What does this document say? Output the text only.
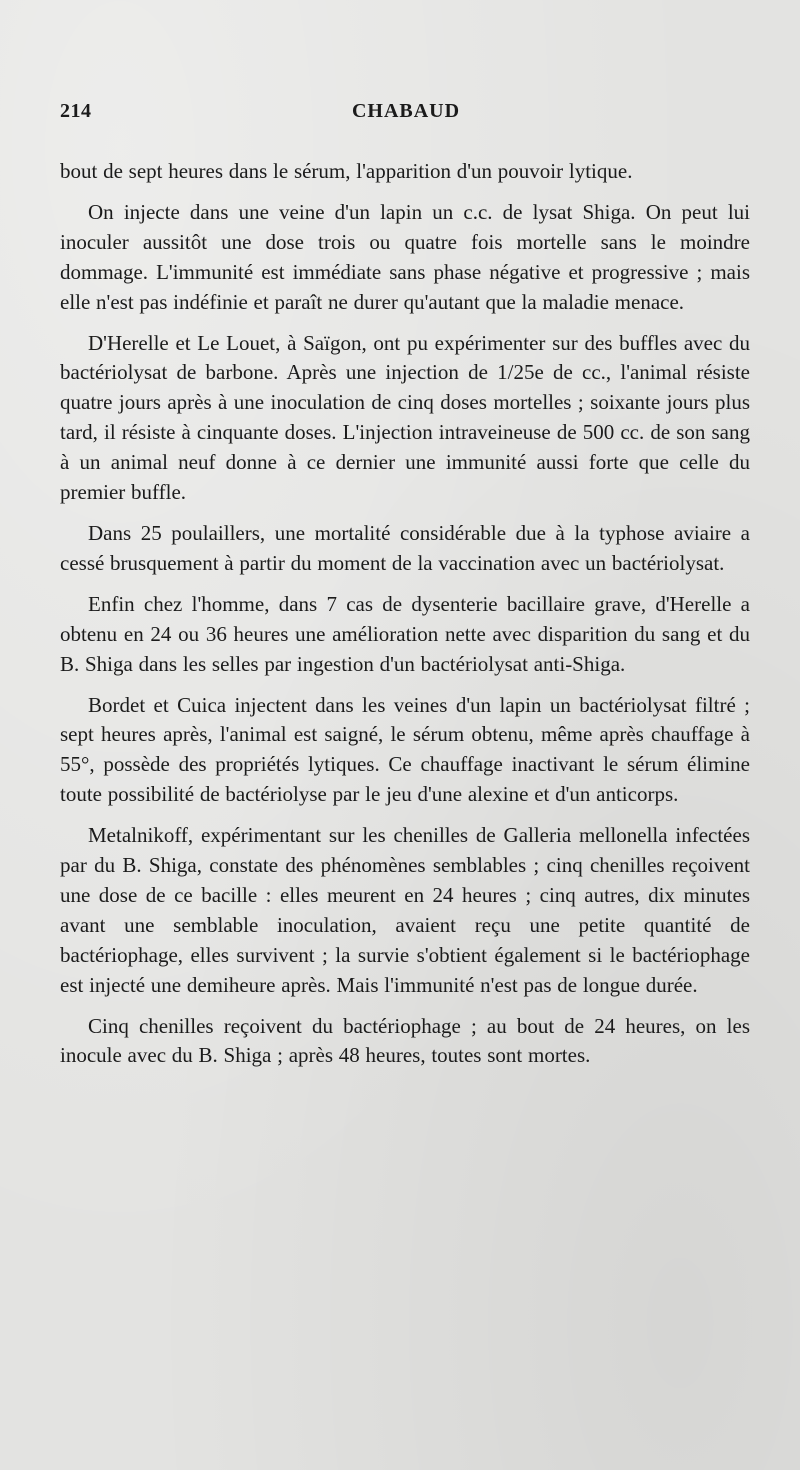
214	CHABAUD

bout de sept heures dans le sérum, l'apparition d'un pouvoir lytique.

On injecte dans une veine d'un lapin un c.c. de lysat Shiga. On peut lui inoculer aussitôt une dose trois ou quatre fois mortelle sans le moindre dommage. L'immunité est immédiate sans phase négative et progressive ; mais elle n'est pas indéfinie et paraît ne durer qu'autant que la maladie menace.

D'Herelle et Le Louet, à Saïgon, ont pu expérimenter sur des buffles avec du bactériolysat de barbone. Après une injection de 1/25e de cc., l'animal résiste quatre jours après à une inoculation de cinq doses mortelles ; soixante jours plus tard, il résiste à cinquante doses. L'injection intraveineuse de 500 cc. de son sang à un animal neuf donne à ce dernier une immunité aussi forte que celle du premier buffle.

Dans 25 poulaillers, une mortalité considérable due à la typhose aviaire a cessé brusquement à partir du moment de la vaccination avec un bactériolysat.

Enfin chez l'homme, dans 7 cas de dysenterie bacillaire grave, d'Herelle a obtenu en 24 ou 36 heures une amélioration nette avec disparition du sang et du B. Shiga dans les selles par ingestion d'un bactériolysat anti-Shiga.

Bordet et Cuica injectent dans les veines d'un lapin un bactériolysat filtré ; sept heures après, l'animal est saigné, le sérum obtenu, même après chauffage à 55°, possède des propriétés lytiques. Ce chauffage inactivant le sérum élimine toute possibilité de bactériolyse par le jeu d'une alexine et d'un anticorps.

Metalnikoff, expérimentant sur les chenilles de Galleria mellonella infectées par du B. Shiga, constate des phénomènes semblables ; cinq chenilles reçoivent une dose de ce bacille : elles meurent en 24 heures ; cinq autres, dix minutes avant une semblable inoculation, avaient reçu une petite quantité de bactériophage, elles survivent ; la survie s'obtient également si le bactériophage est injecté une demiheure après. Mais l'immunité n'est pas de longue durée.

Cinq chenilles reçoivent du bactériophage ; au bout de 24 heures, on les inocule avec du B. Shiga ; après 48 heures, toutes sont mortes.
